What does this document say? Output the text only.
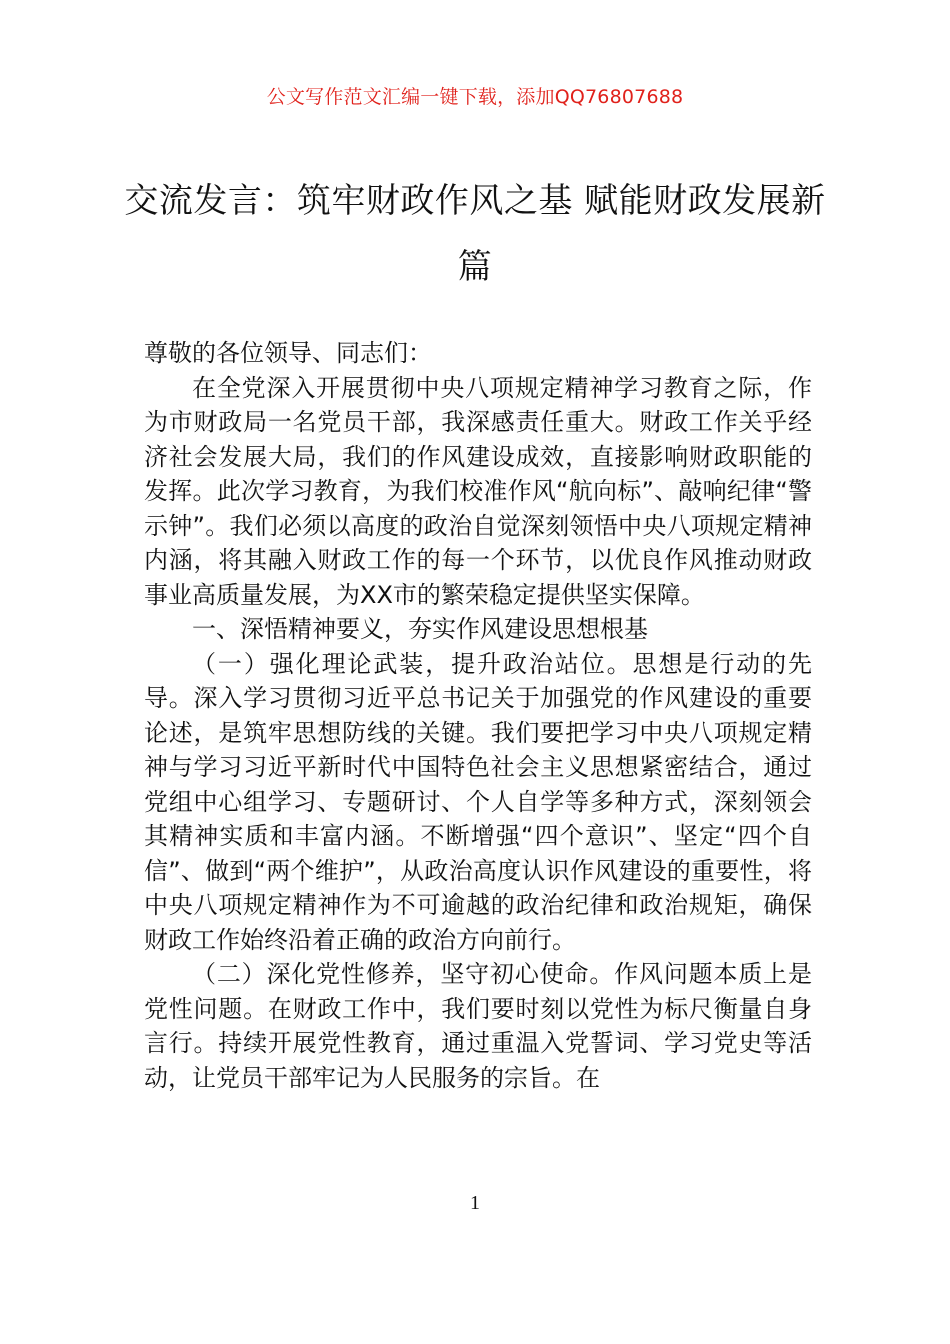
公文写作范文汇编一键下载，添加QQ76807688
交流发言：筑牢财政作风之基 赋能财政发展新篇

尊敬的各位领导、同志们：

在全党深入开展贯彻中央八项规定精神学习教育之际，作为市财政局一名党员干部，我深感责任重大。财政工作关乎经济社会发展大局，我们的作风建设成效，直接影响财政职能的发挥。此次学习教育，为我们校准作风“航向标”、敲响纪律“警示钟”。我们必须以高度的政治自觉深刻领悟中央八项规定精神内涵，将其融入财政工作的每一个环节，以优良作风推动财政事业高质量发展，为XX市的繁荣稳定提供坚实保障。

一、深悟精神要义，夯实作风建设思想根基

（一）强化理论武装，提升政治站位。思想是行动的先导。深入学习贯彻习近平总书记关于加强党的作风建设的重要论述，是筑牢思想防线的关键。我们要把学习中央八项规定精神与学习习近平新时代中国特色社会主义思想紧密结合，通过党组中心组学习、专题研讨、个人自学等多种方式，深刻领会其精神实质和丰富内涵。不断增强“四个意识”、坚定“四个自信”、做到“两个维护”，从政治高度认识作风建设的重要性，将中央八项规定精神作为不可逾越的政治纪律和政治规矩，确保财政工作始终沿着正确的政治方向前行。

（二）深化党性修养，坚守初心使命。作风问题本质上是党性问题。在财政工作中，我们要时刻以党性为标尺衡量自身言行。持续开展党性教育，通过重温入党誓词、学习党史等活动，让党员干部牢记为人民服务的宗旨。在

1
